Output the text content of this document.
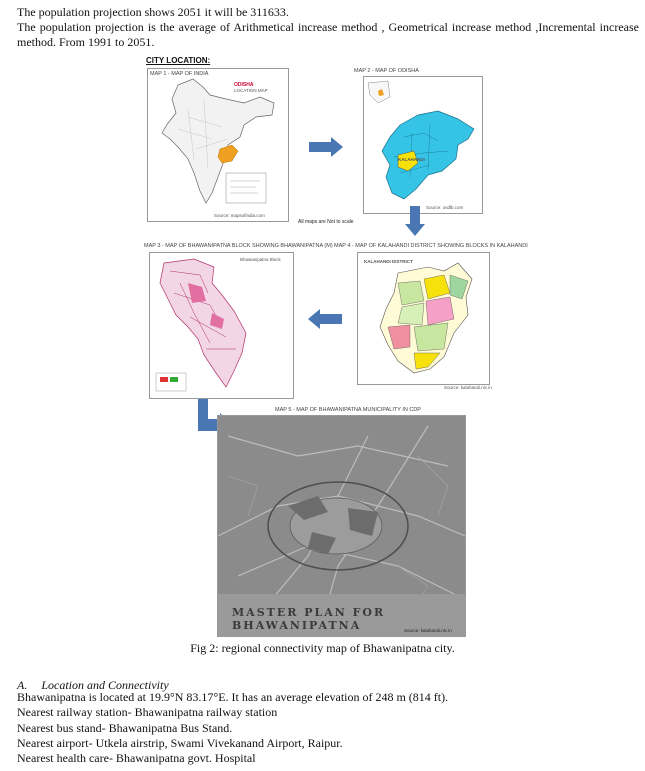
The population projection shows 2051 it will be 311633.
The population projection is the average of Arithmetical increase method , Geometrical increase method ,Incremental increase method. From 1991 to 2051.
CITY LOCATION:
MAP 1 - MAP OF INDIA
ODISHA
LOCATION MAP
Source: mapsofindia.com
MAP 2 - MAP OF ODISHA
KALAHANDI
Source: osdlb.com
All maps are Not to scale
MAP 3 - MAP OF BHAWANIPATNA BLOCK SHOWING BHAWANIPATNA (M)
Bhawanipatna Block
MAP 4 - MAP OF KALAHANDI DISTRICT SHOWING BLOCKS IN KALAHANDI
KALAHANDI DISTRICT
Source: kalahandi.nic.in
MAP 5 - MAP OF BHAWANIPATNA MUNICIPALITY IN CDP
MASTER PLAN FOR BHAWANIPATNA	Source: kalahandi.nic.in
Fig 2: regional connectivity map of Bhawanipatna city.
A. Location and Connectivity
Bhawanipatna is located at 19.9°N 83.17°E. It has an average elevation of 248 m (814 ft).
Nearest railway station- Bhawanipatna railway station
Nearest bus stand- Bhawanipatna Bus Stand.
Nearest airport- Utkela airstrip, Swami Vivekanand Airport, Raipur.
Nearest health care- Bhawanipatna govt. Hospital
